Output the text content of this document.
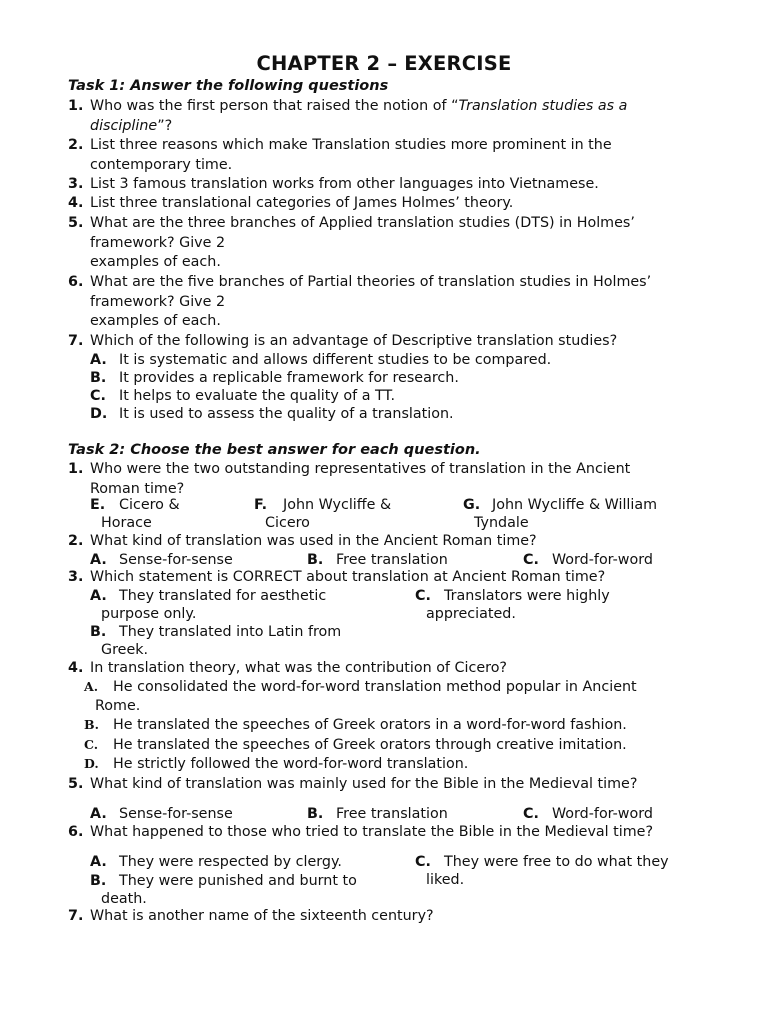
CHAPTER 2 – EXERCISE
Task 1: Answer the following questions
1. Who was the first person that raised the notion of “Translation studies as a discipline”?
2. List three reasons which make Translation studies more prominent in the
contemporary time.
3. List 3 famous translation works from other languages into Vietnamese.
4. List three translational categories of James Holmes’ theory.
5. What are the three branches of Applied translation studies (DTS) in Holmes’
framework? Give 2
examples of each.
6. What are the five branches of Partial theories of translation studies in Holmes’
framework? Give 2
examples of each.
7. Which of the following is an advantage of Descriptive translation studies?
A. It is systematic and allows different studies to be compared.
B. It provides a replicable framework for research.
C. It helps to evaluate the quality of a TT.
D. It is used to assess the quality of a translation.
Task 2: Choose the best answer for each question.
1. Who were the two outstanding representatives of translation in the Ancient
Roman time?
E. Cicero &
Horace
F. John Wycliffe &
Cicero
G. John Wycliffe & William
Tyndale
2. What kind of translation was used in the Ancient Roman time?
A. Sense-for-sense	B. Free translation	C. Word-for-word
3. Which statement is CORRECT about translation at Ancient Roman time?
A. They translated for aesthetic
purpose only.
C. Translators were highly
appreciated.
B. They translated into Latin from
Greek.
4. In translation theory, what was the contribution of Cicero?
A. He consolidated the word-for-word translation method popular in Ancient
Rome.
B. He translated the speeches of Greek orators in a word-for-word fashion.
C. He translated the speeches of Greek orators through creative imitation.
D. He strictly followed the word-for-word translation.
5. What kind of translation was mainly used for the Bible in the Medieval time?
A. Sense-for-sense	B. Free translation	C. Word-for-word
6. What happened to those who tried to translate the Bible in the Medieval time?
A. They were respected by clergy.	C. They were free to do what they
liked.
B. They were punished and burnt to
death.
7. What is another name of the sixteenth century?
